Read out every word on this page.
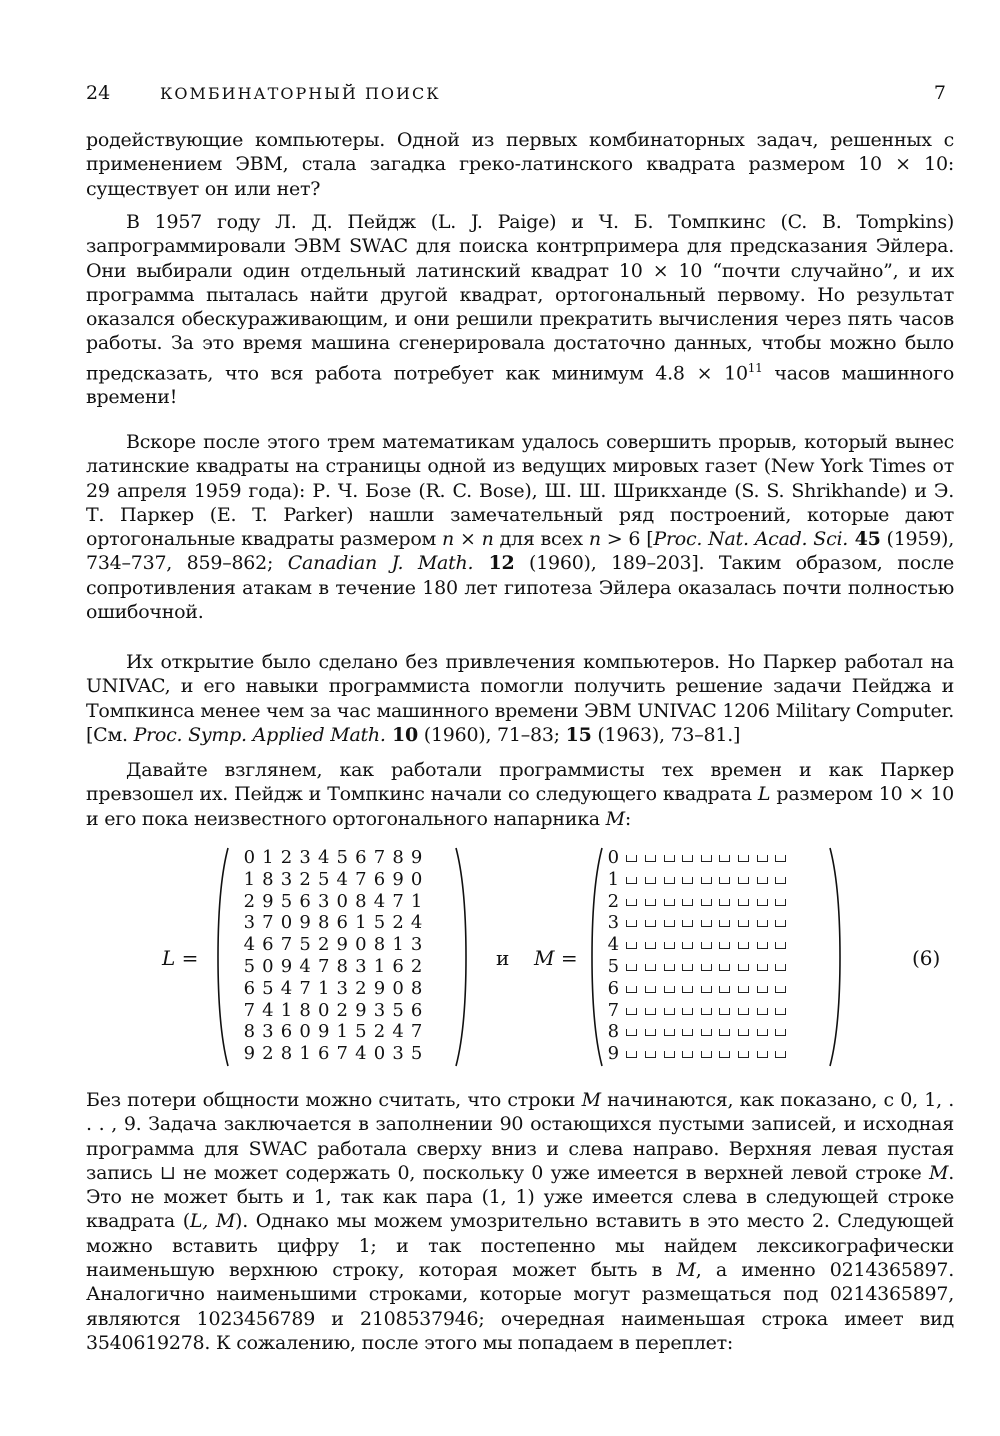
24	КОМБИНАТОРНЫЙ ПОИСК	7

родействующие компьютеры. Одной из первых комбинаторных задач, решенных с применением ЭВМ, стала загадка греко-латинского квадрата размером 10 × 10: существует он или нет?

В 1957 году Л. Д. Пейдж (L. J. Paige) и Ч. Б. Томпкинс (C. B. Tompkins) запрограммировали ЭВМ SWAC для поиска контрпримера для предсказания Эйлера. Они выбирали один отдельный латинский квадрат 10 × 10 “почти случайно”, и их программа пыталась найти другой квадрат, ортогональный первому. Но результат оказался обескураживающим, и они решили прекратить вычисления через пять часов работы. За это время машина сгенерировала достаточно данных, чтобы можно было предсказать, что вся работа потребует как минимум $4.8 \times 10^{11}$ часов машинного времени!

Вскоре после этого трем математикам удалось совершить прорыв, который вынес латинские квадраты на страницы одной из ведущих мировых газет (New York Times от 29 апреля 1959 года): Р. Ч. Бозе (R. C. Bose), Ш. Ш. Шрикханде (S. S. Shrikhande) и Э. Т. Паркер (E. T. Parker) нашли замечательный ряд построений, которые дают ортогональные квадраты размером n × n для всех n > 6 [Proc. Nat. Acad. Sci. 45 (1959), 734–737, 859–862; Canadian J. Math. 12 (1960), 189–203]. Таким образом, после сопротивления атакам в течение 180 лет гипотеза Эйлера оказалась почти полностью ошибочной.

Их открытие было сделано без привлечения компьютеров. Но Паркер работал на UNIVAC, и его навыки программиста помогли получить решение задачи Пейджа и Томпкинса менее чем за час машинного времени ЭВМ UNIVAC 1206 Military Computer. [См. Proc. Symp. Applied Math. 10 (1960), 71–83; 15 (1963), 73–81.]

Давайте взглянем, как работали программисты тех времен и как Паркер превзошел их. Пейдж и Томпкинс начали со следующего квадрата L размером 10 × 10 и его пока неизвестного ортогонального напарника M:

L =
0 1 2 3 4 5 6 7 8 9
1 8 3 2 5 4 7 6 9 0
2 9 5 6 3 0 8 4 7 1
3 7 0 9 8 6 1 5 2 4
4 6 7 5 2 9 0 8 1 3
5 0 9 4 7 8 3 1 6 2
6 5 4 7 1 3 2 9 0 8
7 4 1 8 0 2 9 3 5 6
8 3 6 0 9 1 5 2 4 7
9 2 8 1 6 7 4 0 3 5
и M =
0
1
2
3
4
5
6
7
8
9
(6)

Без потери общности можно считать, что строки M начинаются, как показано, с 0, 1, . . . , 9. Задача заключается в заполнении 90 остающихся пустыми записей, и исходная программа для SWAC работала сверху вниз и слева направо. Верхняя левая пустая запись ⊔ не может содержать 0, поскольку 0 уже имеется в верхней левой строке M. Это не может быть и 1, так как пара (1, 1) уже имеется слева в следующей строке квадрата (L, M). Однако мы можем умозрительно вставить в это место 2. Следующей можно вставить цифру 1; и так постепенно мы найдем лексикографически наименьшую верхнюю строку, которая может быть в M, а именно 0214365897. Аналогично наименьшими строками, которые могут размещаться под 0214365897, являются 1023456789 и 2108537946; очередная наименьшая строка имеет вид 3540619278. К сожалению, после этого мы попадаем в переплет:
